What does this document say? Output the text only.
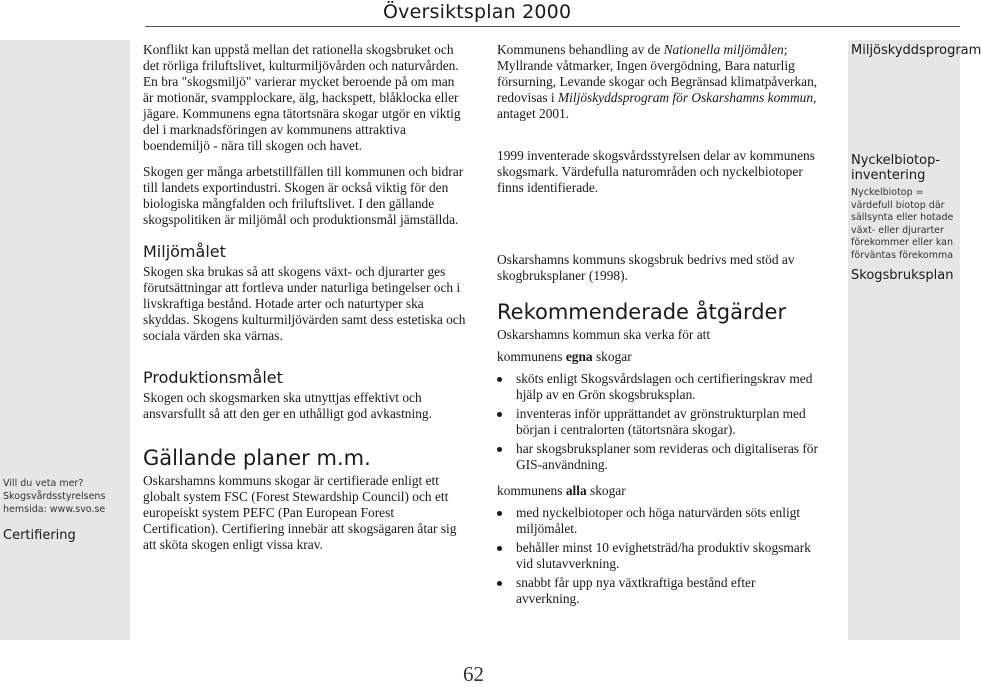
Översiktsplan 2000
Vill du veta mer?
Skogsvårdsstyrelsens
hemsida: www.svo.se
Certifiering
Miljöskyddsprogram
Nyckelbiotop-
inventering
Nyckelbiotop = värdefull biotop där sällsynta eller hotade växt- eller djurarter förekommer eller kan förväntas förekomma
Skogsbruksplan

Konflikt kan uppstå mellan det rationella skogsbruket och det rörliga friluftslivet, kulturmiljövården och naturvården. En bra "skogsmiljö" varierar mycket beroende på om man är motionär, svampplockare, älg, hackspett, blåklocka eller jägare. Kommunens egna tätortsnära skogar utgör en viktig del i marknadsföringen av kommunens attraktiva boendemiljö - nära till skogen och havet.

Skogen ger många arbetstillfällen till kommunen och bidrar till landets exportindustri. Skogen är också viktig för den biologiska mångfalden och friluftslivet. I den gällande skogspolitiken är miljömål och produktionsmål jämställda.

Miljömålet

Skogen ska brukas så att skogens växt- och djurarter ges förutsättningar att fortleva under naturliga betingelser och i livskraftiga bestånd. Hotade arter och naturtyper ska skyddas. Skogens kulturmiljövärden samt dess estetiska och sociala värden ska värnas.

Produktionsmålet

Skogen och skogsmarken ska utnyttjas effektivt och ansvarsfullt så att den ger en uthålligt god avkastning.

Gällande planer m.m.

Oskarshamns kommuns skogar är certifierade enligt ett globalt system FSC (Forest Stewardship Council) och ett europeiskt system PEFC (Pan European Forest Certification). Certifiering innebär att skogsägaren åtar sig att sköta skogen enligt vissa krav.

Kommunens behandling av de Nationella miljömålen; Myllrande våtmarker, Ingen övergödning, Bara naturlig försurning, Levande skogar och Begränsad klimatpåverkan, redovisas i Miljöskyddsprogram för Oskarshamns kommun, antaget 2001.

1999 inventerade skogsvårdsstyrelsen delar av kommunens skogsmark. Värdefulla naturområden och nyckelbiotoper finns identifierade.

Oskarshamns kommuns skogsbruk bedrivs med stöd av skogbruksplaner (1998).

Rekommenderade åtgärder

Oskarshamns kommun ska verka för att

kommunens egna skogar

sköts enligt Skogsvårdslagen och certifieringskrav med hjälp av en Grön skogsbruksplan.
inventeras inför upprättandet av grönstrukturplan med början i centralorten (tätortsnära skogar).
har skogsbruksplaner som revideras och digitaliseras för GIS-användning.

kommunens alla skogar

med nyckelbiotoper och höga naturvärden söts enligt miljömålet.
behåller minst 10 evighetsträd/ha produktiv skogsmark vid slutavverkning.
snabbt får upp nya växtkraftiga bestånd efter avverkning.
62
